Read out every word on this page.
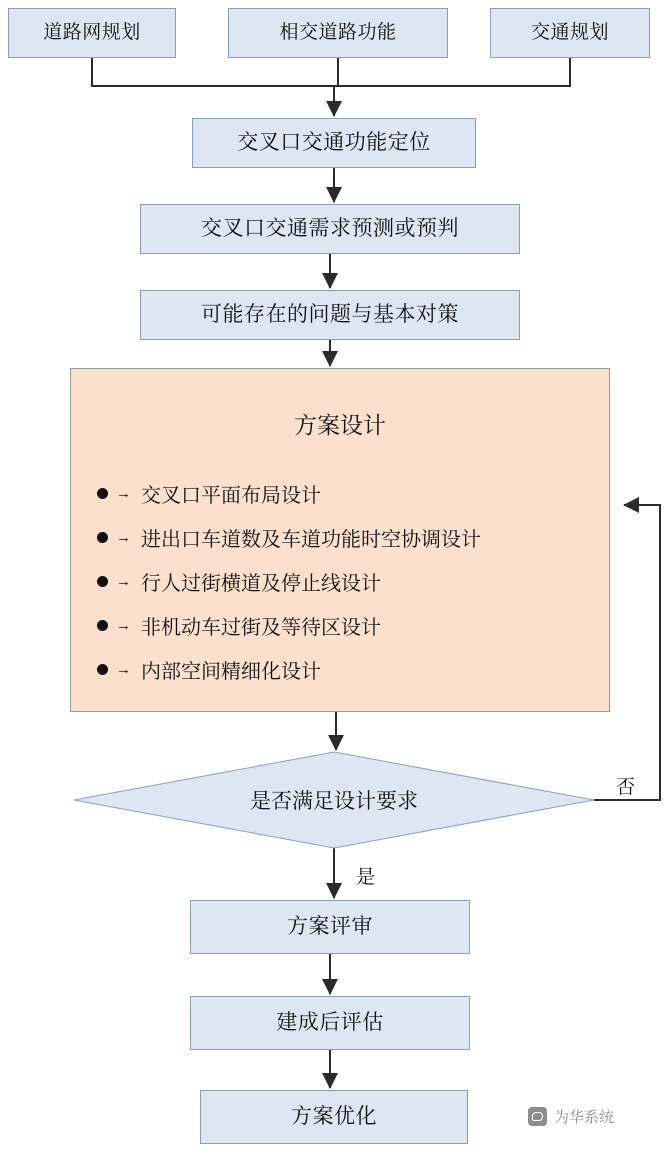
道路网规划	相交道路功能	交通规划
交叉口交通功能定位
交叉口交通需求预测或预判
可能存在的问题与基本对策
方案设计
→ 交叉口平面布局设计
→ 进出口车道数及车道功能时空协调设计
→ 行人过街横道及停止线设计
→ 非机动车过街及等待区设计
→ 内部空间精细化设计
是否满足设计要求
否
是
方案评审
建成后评估
方案优化	为华系统
